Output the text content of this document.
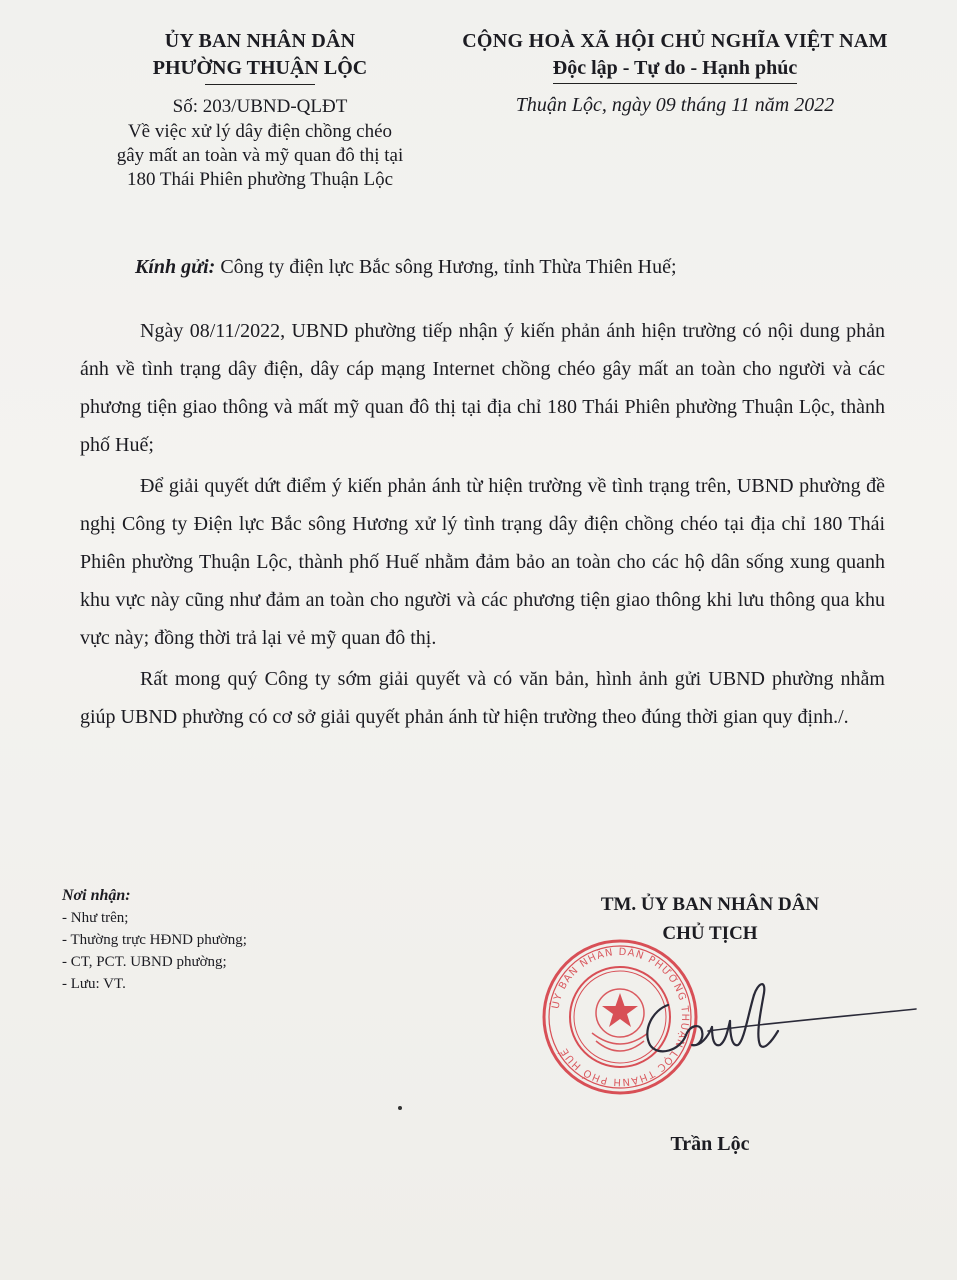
ỦY BAN NHÂN DÂN
PHƯỜNG THUẬN LỘC
Số: 203/UBND-QLĐT
Về việc xử lý dây điện chồng chéo
gây mất an toàn và mỹ quan đô thị tại
180 Thái Phiên phường Thuận Lộc
CỘNG HOÀ XÃ HỘI CHỦ NGHĨA VIỆT NAM
Độc lập - Tự do - Hạnh phúc
Thuận Lộc, ngày 09 tháng 11 năm 2022
Kính gửi: Công ty điện lực Bắc sông Hương, tỉnh Thừa Thiên Huế;

Ngày 08/11/2022, UBND phường tiếp nhận ý kiến phản ánh hiện trường có nội dung phản ánh về tình trạng dây điện, dây cáp mạng Internet chồng chéo gây mất an toàn cho người và các phương tiện giao thông và mất mỹ quan đô thị tại địa chỉ 180 Thái Phiên phường Thuận Lộc, thành phố Huế;

Để giải quyết dứt điểm ý kiến phản ánh từ hiện trường về tình trạng trên, UBND phường đề nghị Công ty Điện lực Bắc sông Hương xử lý tình trạng dây điện chồng chéo tại địa chỉ 180 Thái Phiên phường Thuận Lộc, thành phố Huế nhằm đảm bảo an toàn cho các hộ dân sống xung quanh khu vực này cũng như đảm an toàn cho người và các phương tiện giao thông khi lưu thông qua khu vực này; đồng thời trả lại vẻ mỹ quan đô thị.

Rất mong quý Công ty sớm giải quyết và có văn bản, hình ảnh gửi UBND phường nhằm giúp UBND phường có cơ sở giải quyết phản ánh từ hiện trường theo đúng thời gian quy định./.

Nơi nhận:
- Như trên;
- Thường trực HĐND phường;
- CT, PCT. UBND phường;
- Lưu: VT.
TM. ỦY BAN NHÂN DÂN
CHỦ TỊCH
ỦY BAN NHÂN DÂN PHƯỜNG THUẬN LỘC THÀNH PHỐ HUẾ
Trần Lộc
